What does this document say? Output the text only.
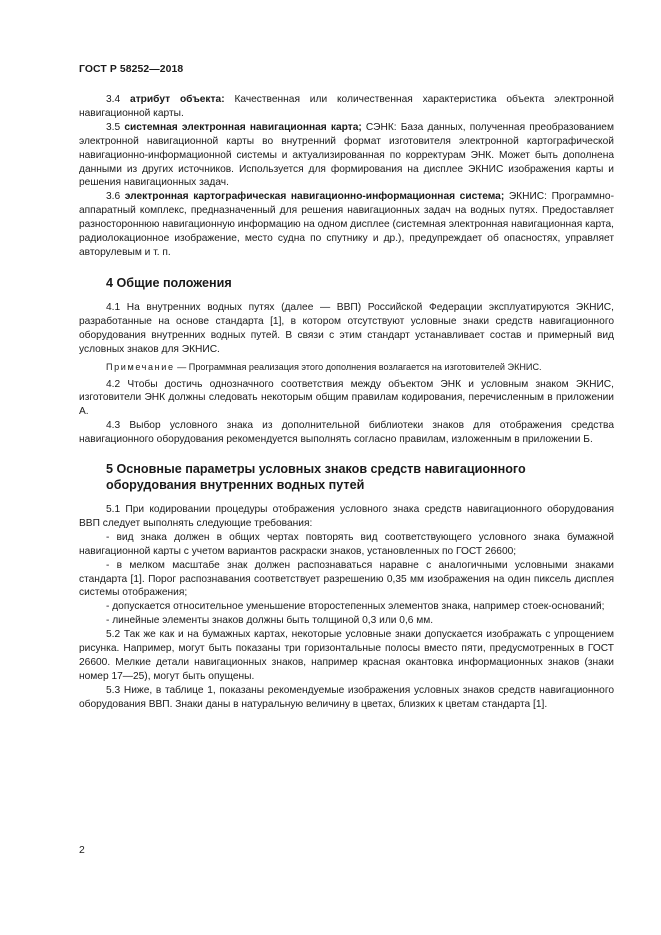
ГОСТ Р 58252—2018

3.4 атрибут объекта: Качественная или количественная характеристика объекта электронной навигационной карты.

3.5 системная электронная навигационная карта; СЭНК: База данных, полученная преобразованием электронной навигационной карты во внутренний формат изготовителя электронной картографической навигационно-информационной системы и актуализированная по корректурам ЭНК. Может быть дополнена данными из других источников. Используется для формирования на дисплее ЭКНИС изображения карты и решения навигационных задач.

3.6 электронная картографическая навигационно-информационная система; ЭКНИС: Программно-аппаратный комплекс, предназначенный для решения навигационных задач на водных путях. Предоставляет разностороннюю навигационную информацию на одном дисплее (системная электронная навигационная карта, радиолокационное изображение, место судна по спутнику и др.), предупреждает об опасностях, управляет авторулевым и т. п.

4 Общие положения

4.1 На внутренних водных путях (далее — ВВП) Российской Федерации эксплуатируются ЭКНИС, разработанные на основе стандарта [1], в котором отсутствуют условные знаки средств навигационного оборудования внутренних водных путей. В связи с этим стандарт устанавливает состав и примерный вид условных знаков для ЭКНИС.

Примечание — Программная реализация этого дополнения возлагается на изготовителей ЭКНИС.

4.2 Чтобы достичь однозначного соответствия между объектом ЭНК и условным знаком ЭКНИС, изготовители ЭНК должны следовать некоторым общим правилам кодирования, перечисленным в приложении А.

4.3 Выбор условного знака из дополнительной библиотеки знаков для отображения средства навигационного оборудования рекомендуется выполнять согласно правилам, изложенным в приложении Б.

5 Основные параметры условных знаков средств навигационного
оборудования внутренних водных путей

5.1 При кодировании процедуры отображения условного знака средств навигационного оборудования ВВП следует выполнять следующие требования:

- вид знака должен в общих чертах повторять вид соответствующего условного знака бумажной навигационной карты с учетом вариантов раскраски знаков, установленных по ГОСТ 26600;

- в мелком масштабе знак должен распознаваться наравне с аналогичными условными знаками стандарта [1]. Порог распознавания соответствует разрешению 0,35 мм изображения на один пиксель дисплея системы отображения;

- допускается относительное уменьшение второстепенных элементов знака, например стоек-оснований;

- линейные элементы знаков должны быть толщиной 0,3 или 0,6 мм.

5.2 Так же как и на бумажных картах, некоторые условные знаки допускается изображать с упрощением рисунка. Например, могут быть показаны три горизонтальные полосы вместо пяти, предусмотренных в ГОСТ 26600. Мелкие детали навигационных знаков, например красная окантовка информационных знаков (знаки номер 17—25), могут быть опущены.

5.3 Ниже, в таблице 1, показаны рекомендуемые изображения условных знаков средств навигационного оборудования ВВП. Знаки даны в натуральную величину в цветах, близких к цветам стандарта [1].

2
